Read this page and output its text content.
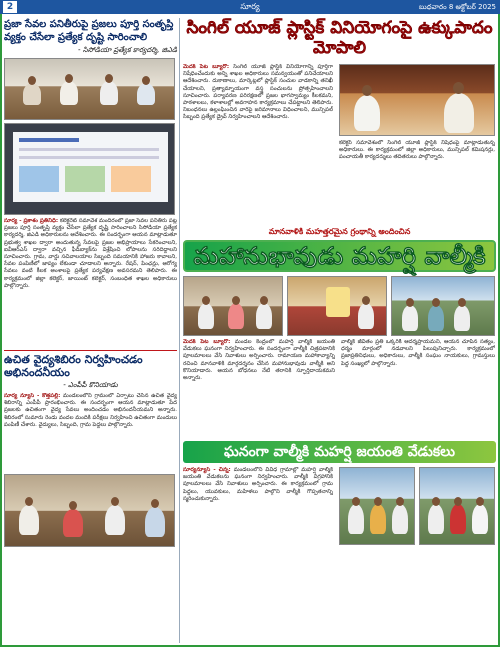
2	సూర్య	బుధవారం 8 అక్టోబర్ 2025
ప్రజా సేవల పనితీరుపై ప్రజలు పూర్తి సంతృప్తి వ్యక్తం చేసేలా ప్రత్యేక దృష్టి సారించాలి
- సిసోడియా ప్రత్యేక కార్యదర్శి, జిఎడి
సూర్య - ప్రకాశం ప్రతినిధి: కలెక్టరేట్ సమావేశ మందిరంలో ప్రజా సేవల పనితీరు పట్ల ప్రజలు పూర్తి సంతృప్తి వ్యక్తం చేసేలా ప్రత్యేక దృష్టి సారించాలని సిసోడియా ప్రత్యేక కార్యదర్శి, జిఎడి అధికారులను ఆదేశించారు. ఈ సందర్భంగా ఆయన మాట్లాడుతూ ప్రభుత్వ శాఖల ద్వారా అందుతున్న సేవలపై ప్రజల అభిప్రాయాలు సేకరించాలని, ఐవీఆర్ఎస్ ద్వారా వచ్చిన ఫీడ్‌బ్యాక్‌ను విశ్లేషించి లోపాలను సరిదిద్దాలని సూచించారు. గ్రామ, వార్డు సచివాలయాల సిబ్బంది సమయానికి హాజరు కావాలని, సేవల పంపిణీలో జాప్యం లేకుండా చూడాలని అన్నారు. రేషన్, పింఛన్లు, ఆరోగ్య సేవలు వంటి కీలక అంశాలపై ప్రత్యేక పర్యవేక్షణ అవసరమని తెలిపారు. ఈ కార్యక్రమంలో జిల్లా కలెక్టర్, జాయింట్ కలెక్టర్, సంబంధిత శాఖల అధికారులు పాల్గొన్నారు.
ఉచిత వైద్యశిబిరం నిర్వహించడం అభినందనీయం
- ఎంపీపీ కొనియాడు
సూర్య న్యూస్ - కొత్తపల్లి: మండలంలోని గ్రామంలో ఏర్పాటు చేసిన ఉచిత వైద్య శిబిరాన్ని ఎంపీపీ ప్రారంభించారు. ఈ సందర్భంగా ఆయన మాట్లాడుతూ పేద ప్రజలకు ఉచితంగా వైద్య సేవలు అందించడం అభినందనీయమని అన్నారు. శిబిరంలో సుమారు రెండు వందల మందికి పరీక్షలు నిర్వహించి ఉచితంగా మందులు పంపిణీ చేశారు. వైద్యులు, సిబ్బంది, గ్రామ పెద్దలు పాల్గొన్నారు.
సింగిల్ యూజ్ ప్లాస్టిక్ వినియోగంపై ఉక్కుపాదం మోపాలి
మెదక్ పేట బ్యూరో: సింగిల్ యూజ్ ప్లాస్టిక్ వినియోగాన్ని పూర్తిగా నిషేధించేందుకు అన్ని శాఖల అధికారులు సమన్వయంతో పనిచేయాలని ఆదేశించారు. దుకాణాలు, మార్కెట్లలో ప్లాస్టిక్ సంచుల వాడకాన్ని తనిఖీ చేయాలని, ప్రత్యామ్నాయంగా వస్త్ర సంచులను ప్రోత్సహించాలని సూచించారు. పర్యావరణ పరిరక్షణలో ప్రజల భాగస్వామ్యం కీలకమని, పాఠశాలలు, కళాశాలల్లో అవగాహన కార్యక్రమాలు చేపట్టాలని తెలిపారు. నిబంధనలు ఉల్లంఘించిన వారిపై జరిమానాలు విధించాలని, మున్సిపల్ సిబ్బంది ప్రత్యేక డ్రైవ్ నిర్వహించాలని ఆదేశించారు.
కలెక్టర్ సమావేశంలో సింగిల్ యూజ్ ప్లాస్టిక్ నిషేధంపై మాట్లాడుతున్న అధికారులు. ఈ కార్యక్రమంలో జిల్లా అధికారులు, మున్సిపల్ కమిషనర్లు, పంచాయతీ కార్యదర్శులు తదితరులు పాల్గొన్నారు.
మానవాళికి మహత్తరమైన గ్రంథాన్ని అందించిన
మహానుభావుడు మహర్షి వాల్మీకి
మెదక్ పేట బ్యూరో: మండల కేంద్రంలో మహర్షి వాల్మీకి జయంతి వేడుకలు ఘనంగా నిర్వహించారు. ఈ సందర్భంగా వాల్మీకి చిత్రపటానికి పూలమాలలు వేసి నివాళులు అర్పించారు. రామాయణ మహాకావ్యాన్ని రచించి మానవాళికి మార్గదర్శనం చేసిన మహానుభావుడు వాల్మీకి అని కొనియాడారు. ఆయన బోధనలు నేటి తరానికి స్ఫూర్తిదాయకమని అన్నారు.
వాల్మీకి జీవితం ప్రతి ఒక్కరికీ ఆదర్శప్రాయమని, ఆయన చూపిన సత్యం, ధర్మం మార్గంలో నడవాలని పిలుపునిచ్చారు. కార్యక్రమంలో ప్రజాప్రతినిధులు, అధికారులు, వాల్మీకి సంఘం నాయకులు, గ్రామస్తులు పెద్ద సంఖ్యలో పాల్గొన్నారు.
ఘనంగా వాల్మీకి మహర్షి జయంతి వేడుకలు
సూర్యన్యూస్ - చిన్న: మండలంలోని వివిధ గ్రామాల్లో మహర్షి వాల్మీకి జయంతి వేడుకలను ఘనంగా నిర్వహించారు. వాల్మీకి విగ్రహానికి పూలమాలలు వేసి నివాళులు అర్పించారు. ఈ కార్యక్రమంలో గ్రామ పెద్దలు, యువకులు, మహిళలు పాల్గొని వాల్మీకి గొప్పతనాన్ని స్మరించుకున్నారు.
